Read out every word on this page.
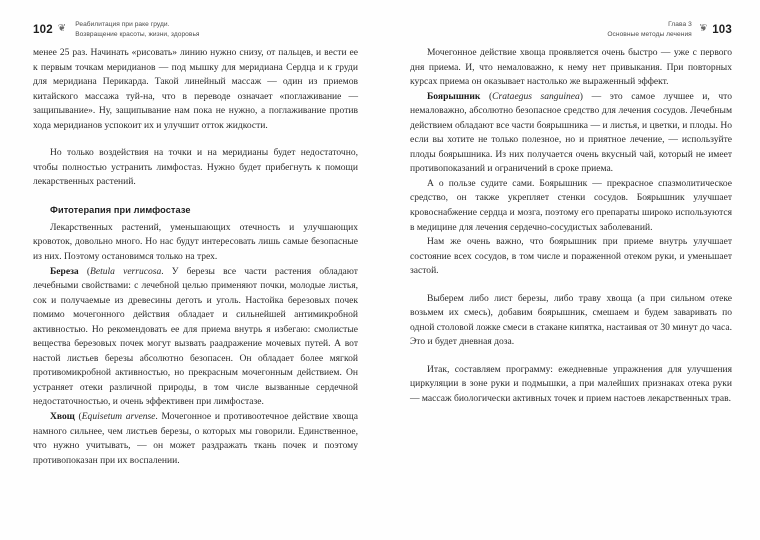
102 ❦	Реабилитация при раке груди.
Возвращение красоты, жизни, здоровья

менее 25 раз. Начинать «рисовать» линию нужно снизу, от пальцев, и вести ее к первым точкам меридианов — под мышку для меридиана Сердца и к груди для меридиана Перикарда. Такой линейный массаж — один из приемов китайского массажа туй-на, что в переводе означает «поглаживание — защипывание». Ну, защипывание нам пока не нужно, а поглаживание против хода меридианов успокоит их и улучшит отток жидкости.

Но только воздействия на точки и на меридианы будет недостаточно, чтобы полностью устранить лимфостаз. Нужно будет прибегнуть к помощи лекарственных растений.

Фитотерапия при лимфостазе

Лекарственных растений, уменьшающих отечность и улучшающих кровоток, довольно много. Но нас будут интересовать лишь самые безопасные из них. Поэтому остановимся только на трех.

Береза (Betula verrucosa. У березы все части растения обладают лечебными свойствами: с лечебной целью применяют почки, молодые листья, сок и получаемые из древесины деготь и уголь. Настойка березовых почек помимо мочегонного действия обладает и сильнейшей антимикробной активностью. Но рекомендовать ее для приема внутрь я избегаю: смолистые вещества березовых почек могут вызвать раадражение мочевых путей. А вот настой листьев березы абсолютно безопасен. Он обладает более мягкой противомикробной активностью, но прекрасным мочегонным действием. Он устраняет отеки различной природы, в том числе вызванные сердечной недостаточностью, и очень эффективен при лимфостазе.

Хвощ (Equisetum arvense. Мочегонное и противоотечное действие хвоща намного сильнее, чем листьев березы, о которых мы говорили. Единственное, что нужно учитывать, — он может раздражать ткань почек и поэтому противопоказан при их воспалении.

Глава 3
Основные методы лечения
❦ 103

Мочегонное действие хвоща проявляется очень быстро — уже с первого дня приема. И, что немаловажно, к нему нет привыкания. При повторных курсах приема он оказывает настолько же выраженный эффект.

Боярышник (Crataegus sanguinea) — это самое лучшее и, что немаловажно, абсолютно безопасное средство для лечения сосудов. Лечебным действием обладают все части боярышника — и листья, и цветки, и плоды. Но если вы хотите не только полезное, но и приятное лечение, — используйте плоды боярышника. Из них получается очень вкусный чай, который не имеет противопоказаний и ограничений в сроке приема.

А о пользе судите сами. Боярышник — прекрасное спазмолитическое средство, он также укрепляет стенки сосудов. Боярышник улучшает кровоснабжение сердца и мозга, поэтому его препараты широко используются в медицине для лечения сердечно-сосудистых заболеваний.

Нам же очень важно, что боярышник при приеме внутрь улучшает состояние всех сосудов, в том числе и пораженной отеком руки, и уменьшает застой.

Выберем либо лист березы, либо траву хвоща (а при сильном отеке возьмем их смесь), добавим боярышник, смешаем и будем заваривать по одной столовой ложке смеси в стакане кипятка, настаивая от 30 минут до часа. Это и будет дневная доза.

Итак, составляем программу: ежедневные упражнения для улучшения циркуляции в зоне руки и подмышки, а при малейших признаках отека руки — массаж биологически активных точек и прием настоев лекарственных трав.
